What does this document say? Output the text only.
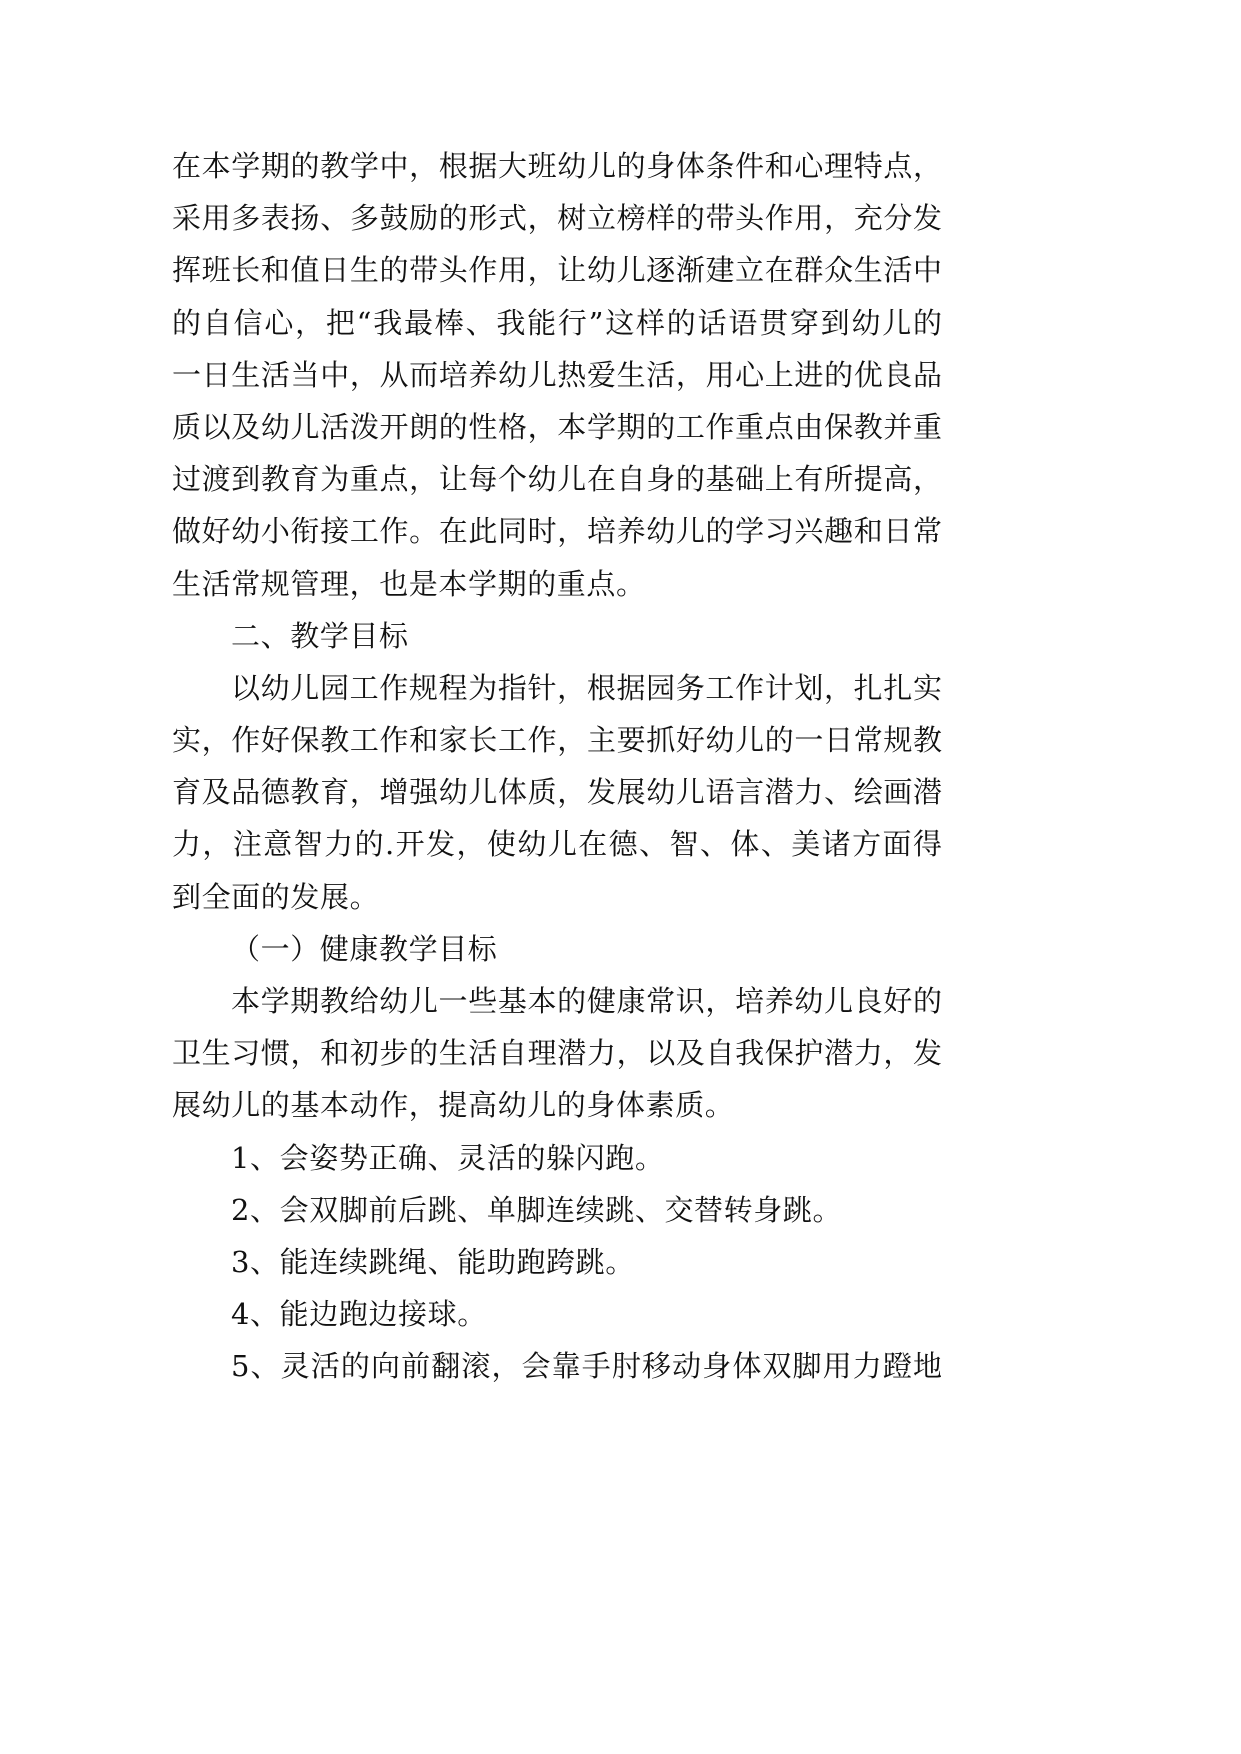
在本学期的教学中，根据大班幼儿的身体条件和心理特点，
采用多表扬、多鼓励的形式，树立榜样的带头作用，充分发
挥班长和值日生的带头作用，让幼儿逐渐建立在群众生活中
的自信心，把“我最棒、我能行”这样的话语贯穿到幼儿的
一日生活当中，从而培养幼儿热爱生活，用心上进的优良品
质以及幼儿活泼开朗的性格，本学期的工作重点由保教并重
过渡到教育为重点，让每个幼儿在自身的基础上有所提高，
做好幼小衔接工作。在此同时，培养幼儿的学习兴趣和日常
生活常规管理，也是本学期的重点。
二、教学目标
以幼儿园工作规程为指针，根据园务工作计划，扎扎实
实，作好保教工作和家长工作，主要抓好幼儿的一日常规教
育及品德教育，增强幼儿体质，发展幼儿语言潜力、绘画潜
力，注意智力的.开发，使幼儿在德、智、体、美诸方面得
到全面的发展。
（一）健康教学目标
本学期教给幼儿一些基本的健康常识，培养幼儿良好的
卫生习惯，和初步的生活自理潜力，以及自我保护潜力，发
展幼儿的基本动作，提高幼儿的身体素质。
1、会姿势正确、灵活的躲闪跑。
2、会双脚前后跳、单脚连续跳、交替转身跳。
3、能连续跳绳、能助跑跨跳。
4、能边跑边接球。
5、灵活的向前翻滚，会靠手肘移动身体双脚用力蹬地
